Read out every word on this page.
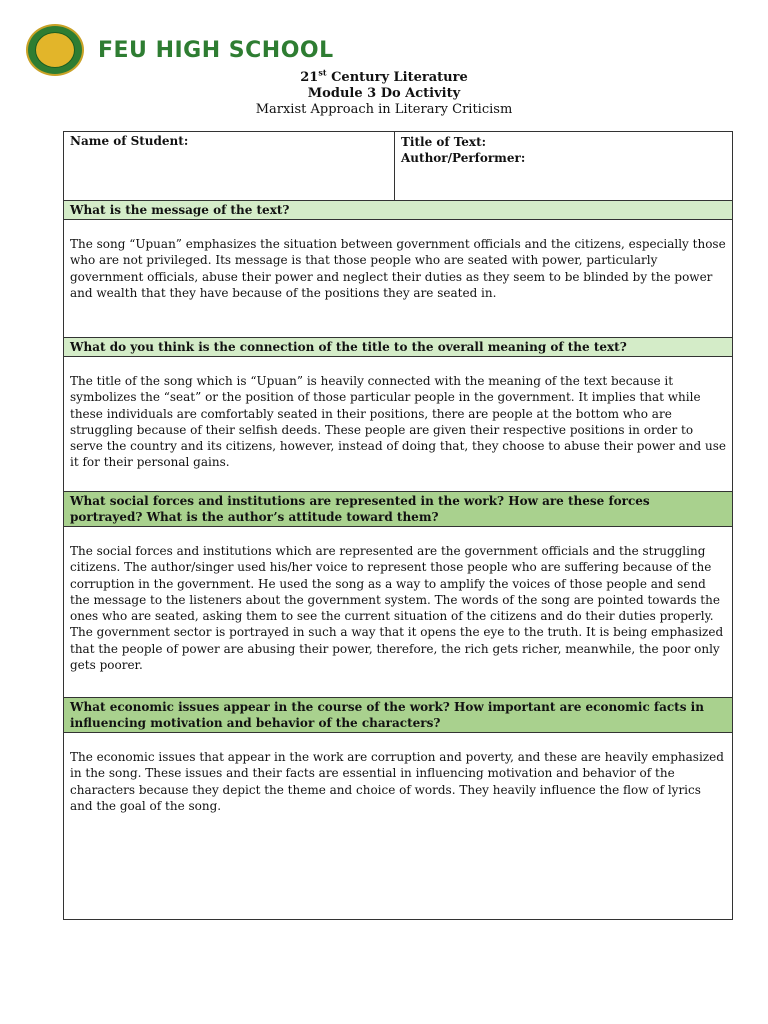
FEU HIGH SCHOOL
21st Century Literature
Module 3 Do Activity
Marxist Approach in Literary Criticism
Name of Student:	Title of Text:
Author/Performer:
What is the message of the text?
The song “Upuan” emphasizes the situation between government officials and the citizens, especially those who are not privileged. Its message is that those people who are seated with power, particularly government officials, abuse their power and neglect their duties as they seem to be blinded by the power and wealth that they have because of the positions they are seated in.
What do you think is the connection of the title to the overall meaning of the text?
The title of the song which is “Upuan” is heavily connected with the meaning of the text because it symbolizes the “seat” or the position of those particular people in the government. It implies that while these individuals are comfortably seated in their positions, there are people at the bottom who are struggling because of their selfish deeds. These people are given their respective positions in order to serve the country and its citizens, however, instead of doing that, they choose to abuse their power and use it for their personal gains.
What social forces and institutions are represented in the work? How are these forces portrayed? What is the author’s attitude toward them?
The social forces and institutions which are represented are the government officials and the struggling citizens. The author/singer used his/her voice to represent those people who are suffering because of the corruption in the government. He used the song as a way to amplify the voices of those people and send the message to the listeners about the government system. The words of the song are pointed towards the ones who are seated, asking them to see the current situation of the citizens and do their duties properly. The government sector is portrayed in such a way that it opens the eye to the truth. It is being emphasized that the people of power are abusing their power, therefore, the rich gets richer, meanwhile, the poor only gets poorer.
What economic issues appear in the course of the work? How important are economic facts in influencing motivation and behavior of the characters?
The economic issues that appear in the work are corruption and poverty, and these are heavily emphasized in the song. These issues and their facts are essential in influencing motivation and behavior of the characters because they depict the theme and choice of words. They heavily influence the flow of lyrics and the goal of the song.
